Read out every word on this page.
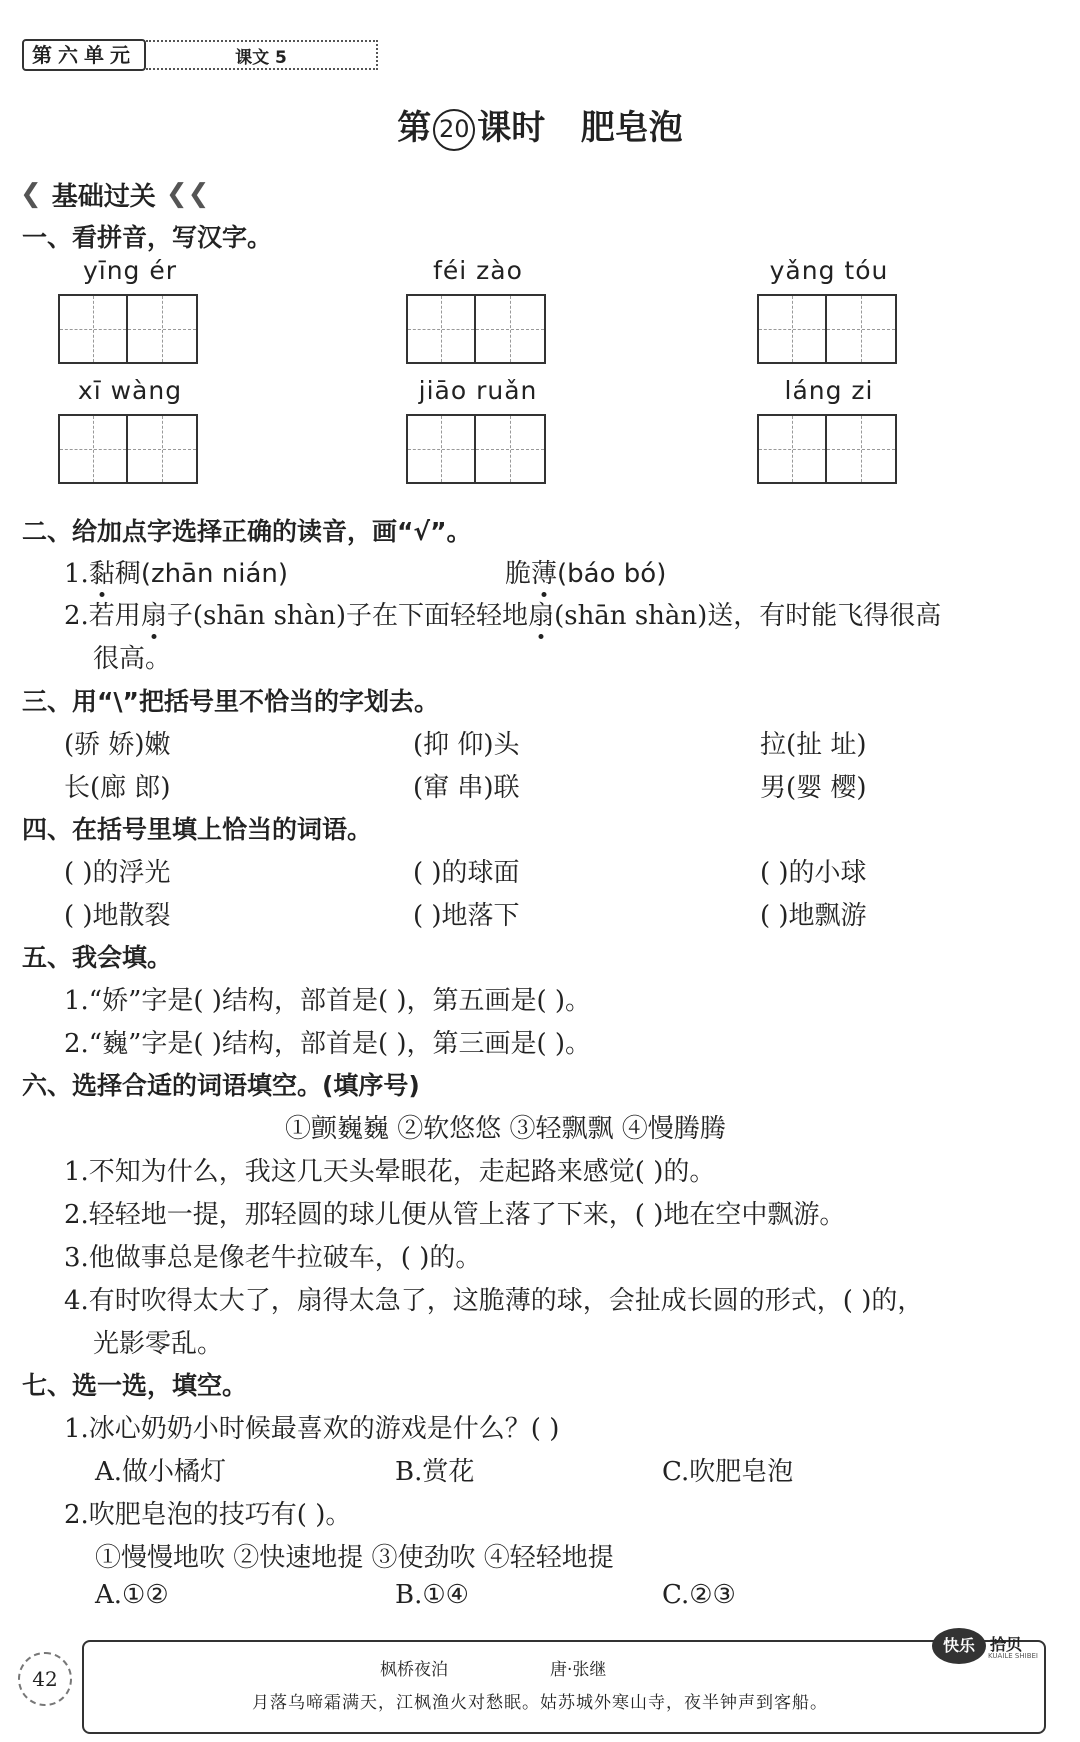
第六单元	课文 5
第 20 课时 肥皂泡
❮ 基础过关 ❮❮
一、看拼音，写汉字。
yīng ér	féi zào	yǎng tóu
xī wàng	jiāo ruǎn	láng zi
二、给加点字选择正确的读音，画“√”。
1.黏稠(zhān nián)	脆薄(báo bó)
2.若用扇子(shān shàn)子在下面轻轻地扇(shān shàn)送，有时能飞得很高
很高。
三、用“\”把括号里不恰当的字划去。
(骄 娇)嫩	(抑 仰)头	拉(扯 址)
长(廊 郎)	(窜 串)联	男(婴 樱)
四、在括号里填上恰当的词语。
( )的浮光	( )的球面	( )的小球
( )地散裂	( )地落下	( )地飘游
五、我会填。
1.“娇”字是( )结构，部首是( )，第五画是( )。
2.“巍”字是( )结构，部首是( )，第三画是( )。
六、选择合适的词语填空。(填序号)
①颤巍巍 ②软悠悠 ③轻飘飘 ④慢腾腾
1.不知为什么，我这几天头晕眼花，走起路来感觉( )的。
2.轻轻地一提，那轻圆的球儿便从管上落了下来，( )地在空中飘游。
3.他做事总是像老牛拉破车，( )的。
4.有时吹得太大了，扇得太急了，这脆薄的球，会扯成长圆的形式，( )的，
光影零乱。
七、选一选，填空。
1.冰心奶奶小时候最喜欢的游戏是什么？( )
A.做小橘灯	B.赏花	C.吹肥皂泡
2.吹肥皂泡的技巧有( )。
①慢慢地吹 ②快速地提 ③使劲吹 ④轻轻地提
A.①②	B.①④	C.②③
42	枫桥夜泊	唐·张继
月落乌啼霜满天，江枫渔火对愁眠。姑苏城外寒山寺，夜半钟声到客船。
快乐 拾贝
KUAILE SHIBEI
